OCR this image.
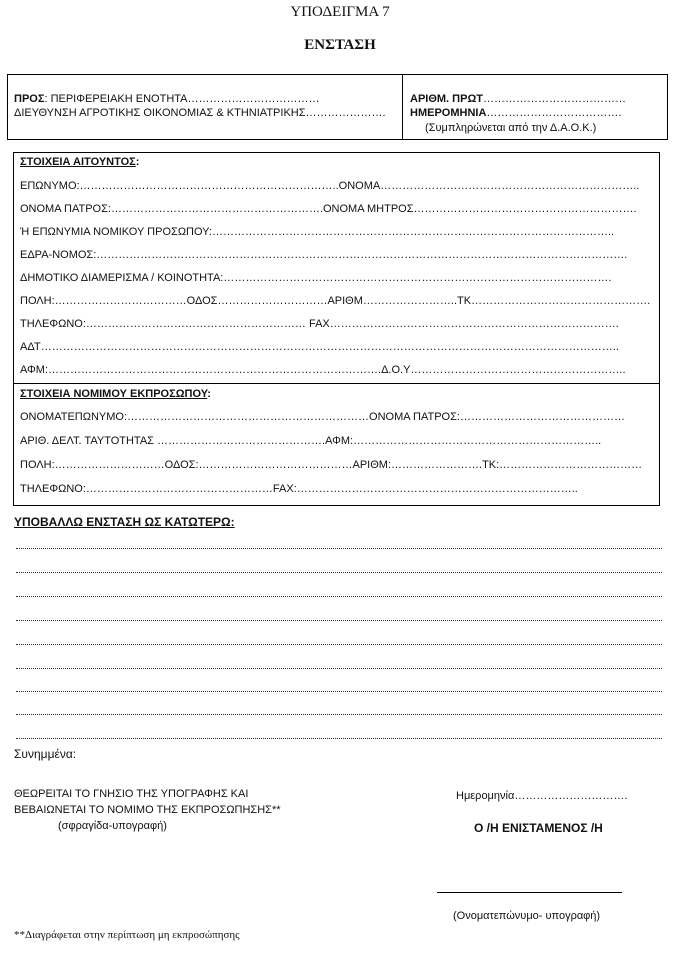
ΥΠΟΔΕΙΓΜΑ 7
ΕΝΣΤΑΣΗ
ΠΡΟΣ: ΠΕΡΙΦΕΡΕΙΑΚΗ ΕΝΟΤΗΤΑ………………………………
ΔΙΕΥΘΥΝΣΗ ΑΓΡΟΤΙΚΗΣ ΟΙΚΟΝΟΜΙΑΣ & ΚΤΗΝΙΑΤΡΙΚΗΣ………………….
ΑΡΙΘΜ. ΠΡΩΤ…………………………………
ΗΜΕΡΟΜΗΝΙΑ……………………………….
(Συμπληρώνεται από την Δ.Α.Ο.Κ.)
ΣΤΟΙΧΕΙΑ ΑΙΤΟΥΝΤΟΣ:
ΕΠΩΝΥΜΟ:……………………………………………………………..ΟΝΟΜΑ……………………………………………………………..
ΟΝΟΜΑ ΠΑΤΡΟΣ:………………………………………………….ΟΝΟΜΑ ΜΗΤΡΟΣ…………………………………………………….
Ή ΕΠΩΝΥΜΙΑ ΝΟΜΙΚΟΥ ΠΡΟΣΩΠΟΥ:………………………………………………………………………………………………..
ΕΔΡΑ-ΝΟΜΟΣ:……………………………………………………………………………………………………………………………….
ΔΗΜΟΤΙΚΟ ΔΙΑΜΕΡΙΣΜΑ / ΚΟΙΝΟΤΗΤΑ:…………………………………………………………………………………………….
ΠΟΛΗ:………………………………ΟΔΟΣ…………………………ΑΡΙΘΜ……………………..ΤΚ………………………………………….
ΤΗΛΕΦΩΝΟ:…………………………………………………… FAX…………………………………………………………………….
ΑΔΤ…………………………………………………………………………………………………………………………………………..
ΑΦΜ:……………………………………………………………………………….Δ.Ο.Υ…………………………………………………..
ΣΤΟΙΧΕΙΑ ΝΟΜΙΜΟΥ ΕΚΠΡΟΣΩΠΟΥ:
ΟΝΟΜΑΤΕΠΩΝΥΜΟ:…………………………………………………………ΟΝΟΜΑ ΠΑΤΡΟΣ:………………………………………
ΑΡΙΘ. ΔΕΛΤ. ΤΑΥΤΟΤΗΤΑΣ ……………………………………….ΑΦΜ:…………………………………………………………..
ΠΟΛΗ:…………………………ΟΔΟΣ:……………………………………ΑΡΙΘΜ:…………………….ΤΚ:…………………………………
ΤΗΛΕΦΩΝΟ:……………………………………………FAX:…………………………………………………………………..
ΥΠΟΒΑΛΛΩ ΕΝΣΤΑΣΗ ΩΣ ΚΑΤΩΤΕΡΩ:
Συνημμένα:
ΘΕΩΡΕΙΤΑΙ ΤΟ ΓΝΗΣΙΟ ΤΗΣ ΥΠΟΓΡΑΦΗΣ ΚΑΙ
ΒΕΒΑΙΩΝΕΤΑΙ ΤΟ ΝΟΜΙΜΟ ΤΗΣ ΕΚΠΡΟΣΩΠΗΣΗΣ**
(σφραγίδα-υπογραφή)
Ημερομηνία………………………….
Ο /Η ΕΝΙΣΤΑΜΕΝΟΣ /Η
(Ονοματεπώνυμο- υπογραφή)
**Διαγράφεται στην περίπτωση μη εκπροσώπησης
